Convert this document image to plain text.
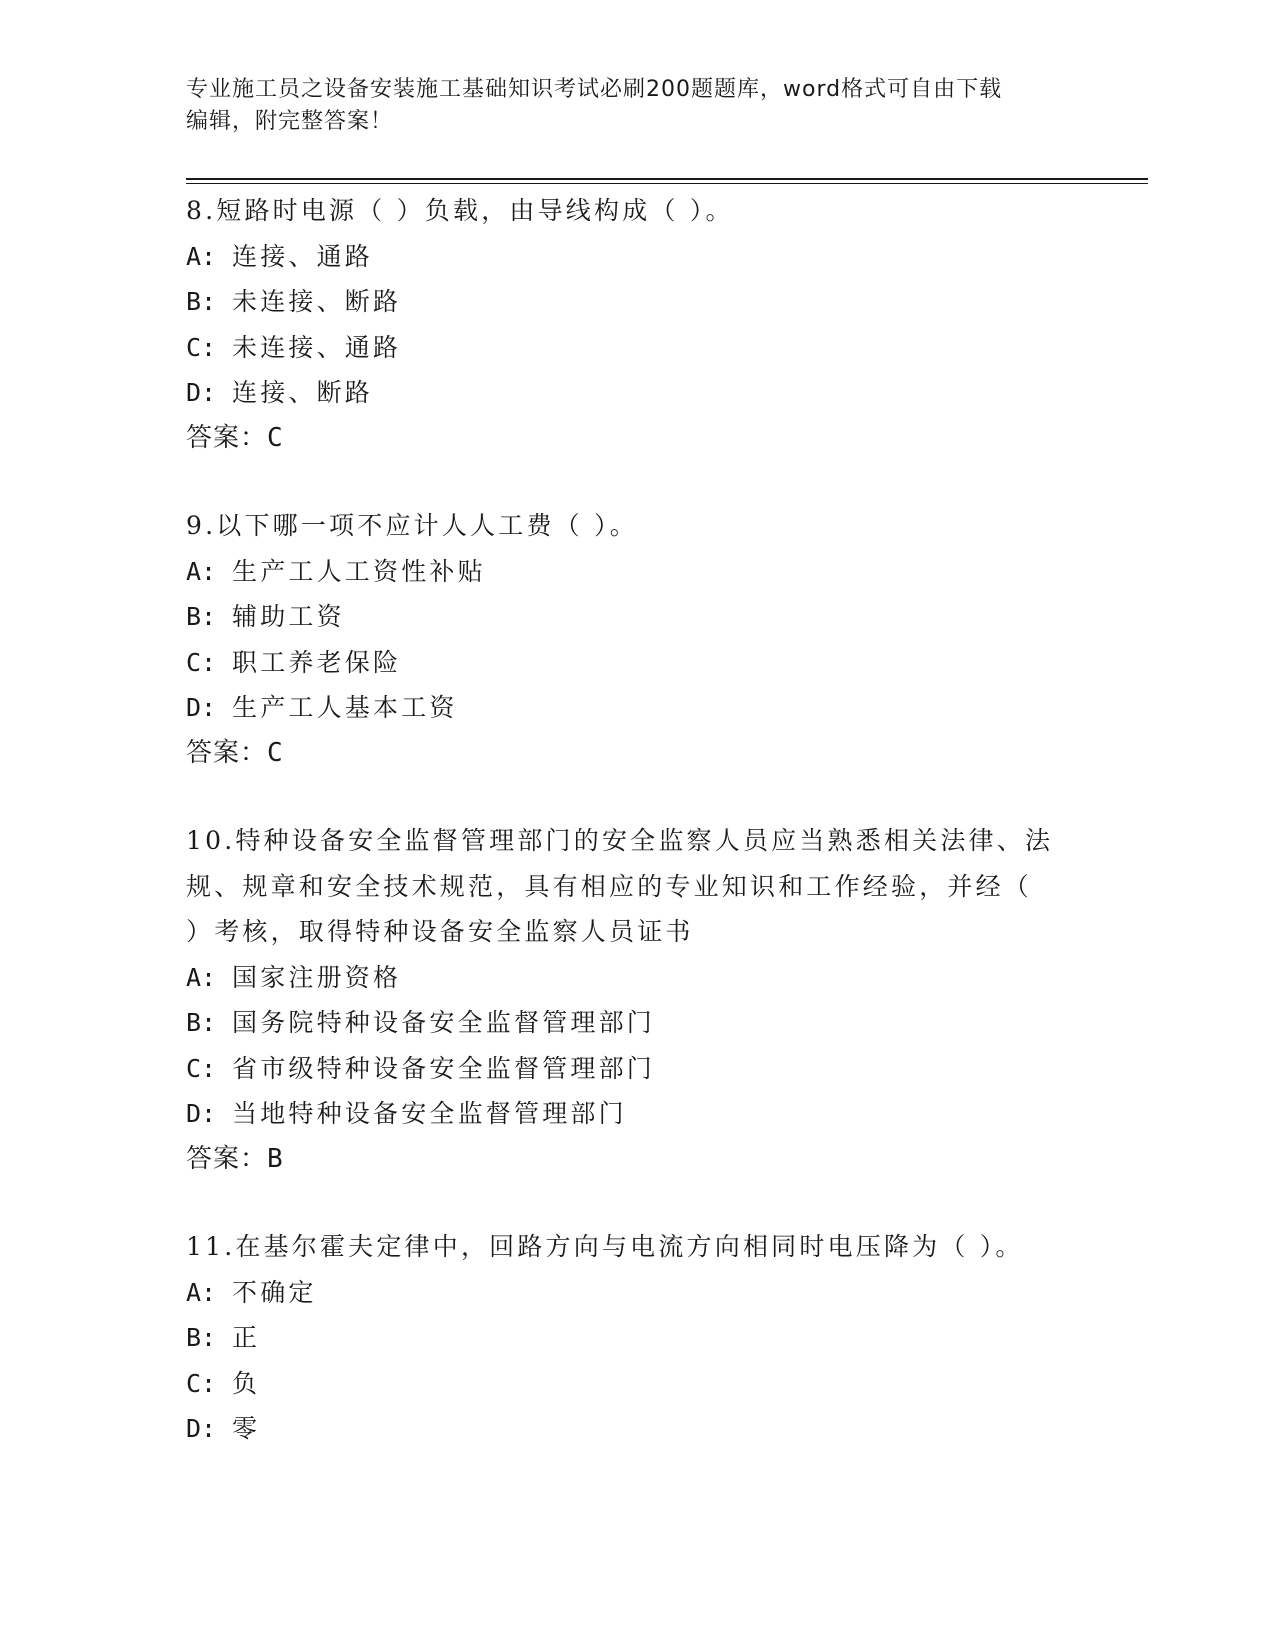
专业施工员之设备安装施工基础知识考试必刷200题题库，word格式可自由下载
编辑，附完整答案！

8.短路时电源（ ）负载，由导线构成（ ）。

A: 连接、通路

B: 未连接、断路

C: 未连接、通路

D: 连接、断路

答案：C

9.以下哪一项不应计人人工费（ ）。

A: 生产工人工资性补贴

B: 辅助工资

C: 职工养老保险

D: 生产工人基本工资

答案：C

10.特种设备安全监督管理部门的安全监察人员应当熟悉相关法律、法

规、规章和安全技术规范，具有相应的专业知识和工作经验，并经（

）考核，取得特种设备安全监察人员证书

A: 国家注册资格

B: 国务院特种设备安全监督管理部门

C: 省市级特种设备安全监督管理部门

D: 当地特种设备安全监督管理部门

答案：B

11.在基尔霍夫定律中，回路方向与电流方向相同时电压降为（ ）。

A: 不确定

B: 正

C: 负

D: 零
